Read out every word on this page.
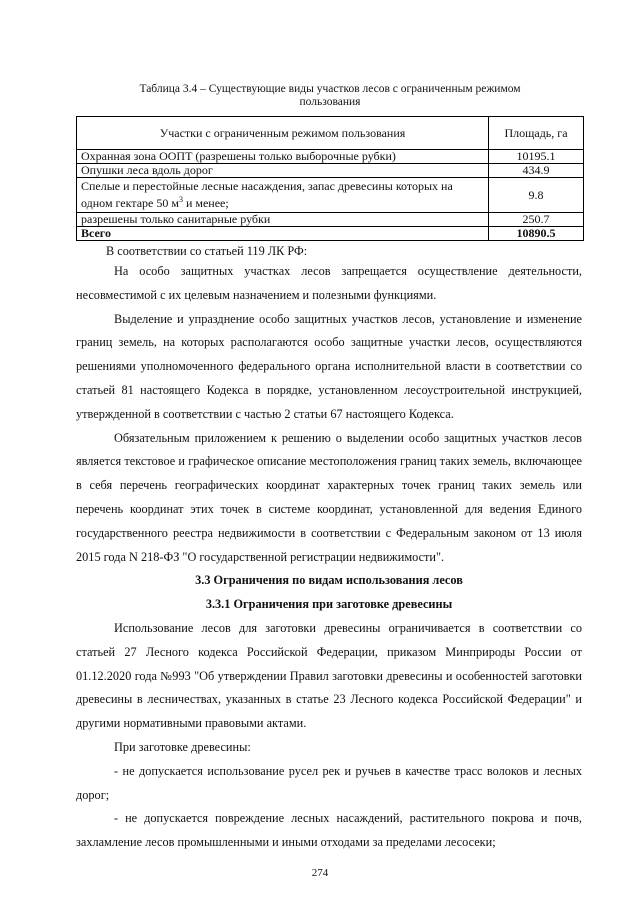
Таблица 3.4 – Существующие виды участков лесов с ограниченным режимом
пользования
Участки с ограниченным режимом пользования	Площадь, га
Охранная зона ООПТ (разрешены только выборочные рубки)	10195.1
Опушки леса вдоль дорог	434.9
Спелые и перестойные лесные насаждения, запас древесины которых на одном гектаре 50 $м^3$ и менее;	9.8
разрешены только санитарные рубки	250.7
Всего	10890.5

В соответствии со статьей 119 ЛК РФ:

На особо защитных участках лесов запрещается осуществление деятельности, несовместимой с их целевым назначением и полезными функциями.

Выделение и упразднение особо защитных участков лесов, установление и изменение границ земель, на которых располагаются особо защитные участки лесов, осуществляются решениями уполномоченного федерального органа исполнительной власти в соответствии со статьей 81 настоящего Кодекса в порядке, установленном лесоустроительной инструкцией, утвержденной в соответствии с частью 2 статьи 67 настоящего Кодекса.

Обязательным приложением к решению о выделении особо защитных участков лесов является текстовое и графическое описание местоположения границ таких земель, включающее в себя перечень географических координат характерных точек границ таких земель или перечень координат этих точек в системе координат, установленной для ведения Единого государственного реестра недвижимости в соответствии с Федеральным законом от 13 июля 2015 года N 218-ФЗ "О государственной регистрации недвижимости".

3.3 Ограничения по видам использования лесов
3.3.1 Ограничения при заготовке древесины

Использование лесов для заготовки древесины ограничивается в соответствии со статьей 27 Лесного кодекса Российской Федерации, приказом Минприроды России от 01.12.2020 года №993 "Об утверждении Правил заготовки древесины и особенностей заготовки древесины в лесничествах, указанных в статье 23 Лесного кодекса Российской Федерации" и другими нормативными правовыми актами.

При заготовке древесины:

- не допускается использование русел рек и ручьев в качестве трасс волоков и лесных дорог;

- не допускается повреждение лесных насаждений, растительного покрова и почв, захламление лесов промышленными и иными отходами за пределами лесосеки;

274
